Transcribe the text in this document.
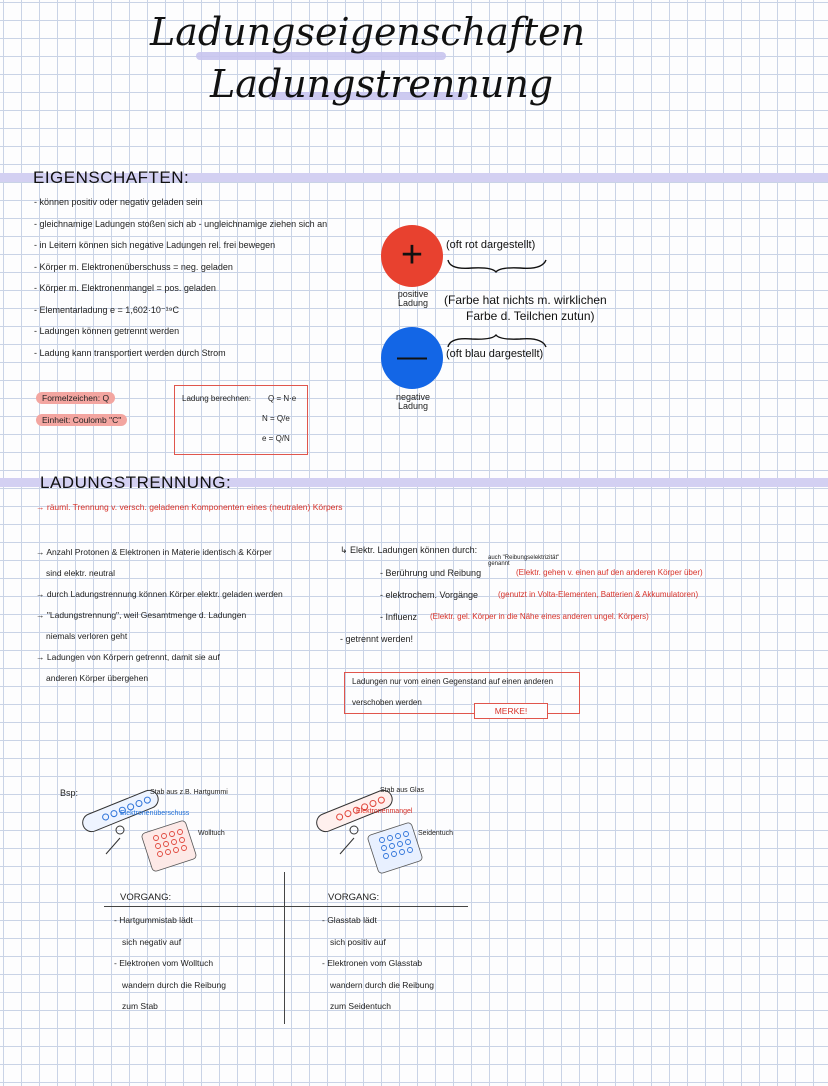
Ladungseigenschaften
Ladungstrennung
EIGENSCHAFTEN:
- können positiv oder negativ geladen sein
- gleichnamige Ladungen stoßen sich ab - ungleichnamige ziehen sich an
- in Leitern können sich negative Ladungen rel. frei bewegen
- Körper m. Elektronenüberschuss = neg. geladen
- Körper m. Elektronenmangel = pos. geladen
- Elementarladung e = 1,602·10⁻¹⁹C
- Ladungen können getrennt werden
- Ladung kann transportiert werden durch Strom
Formelzeichen: Q
Einheit: Coulomb "C"
Ladung berechnen: Q = N·e
N = Q/e
e = Q/N
+
—
positive Ladung
negative Ladung
(oft rot dargestellt)
(Farbe hat nichts m. wirklichen
Farbe d. Teilchen zutun)
(oft blau dargestellt)
LADUNGSTRENNUNG:
→ räuml. Trennung v. versch. geladenen Komponenten eines (neutralen) Körpers
→ Anzahl Protonen & Elektronen in Materie identisch & Körper
sind elektr. neutral
→ durch Ladungstrennung können Körper elektr. geladen werden
→ "Ladungstrennung", weil Gesamtmenge d. Ladungen
niemals verloren geht
→ Ladungen von Körpern getrennt, damit sie auf
anderen Körper übergehen
↳ Elektr. Ladungen können durch:
auch "Reibungselektrizität" genannt
- Berührung und Reibung	(Elektr. gehen v. einen auf den anderen Körper über)
- elektrochem. Vorgänge (genutzt in Volta-Elementen, Batterien & Akkumulatoren)
- Influenz (Elektr. gel. Körper in die Nähe eines anderen ungel. Körpers)
- getrennt werden!
Ladungen nur vom einen Gegenstand auf einen anderen
verschoben werden
MERKE!
Bsp:	Stab aus z.B. Hartgummi
Elektronenüberschuss
Wolltuch
Stab aus Glas
Elektronenmangel
Seidentuch
VORGANG:
- Hartgummistab lädt
sich negativ auf
- Elektronen vom Wolltuch
wandern durch die Reibung
zum Stab
VORGANG:
- Glasstab lädt
sich positiv auf
- Elektronen vom Glasstab
wandern durch die Reibung
zum Seidentuch
